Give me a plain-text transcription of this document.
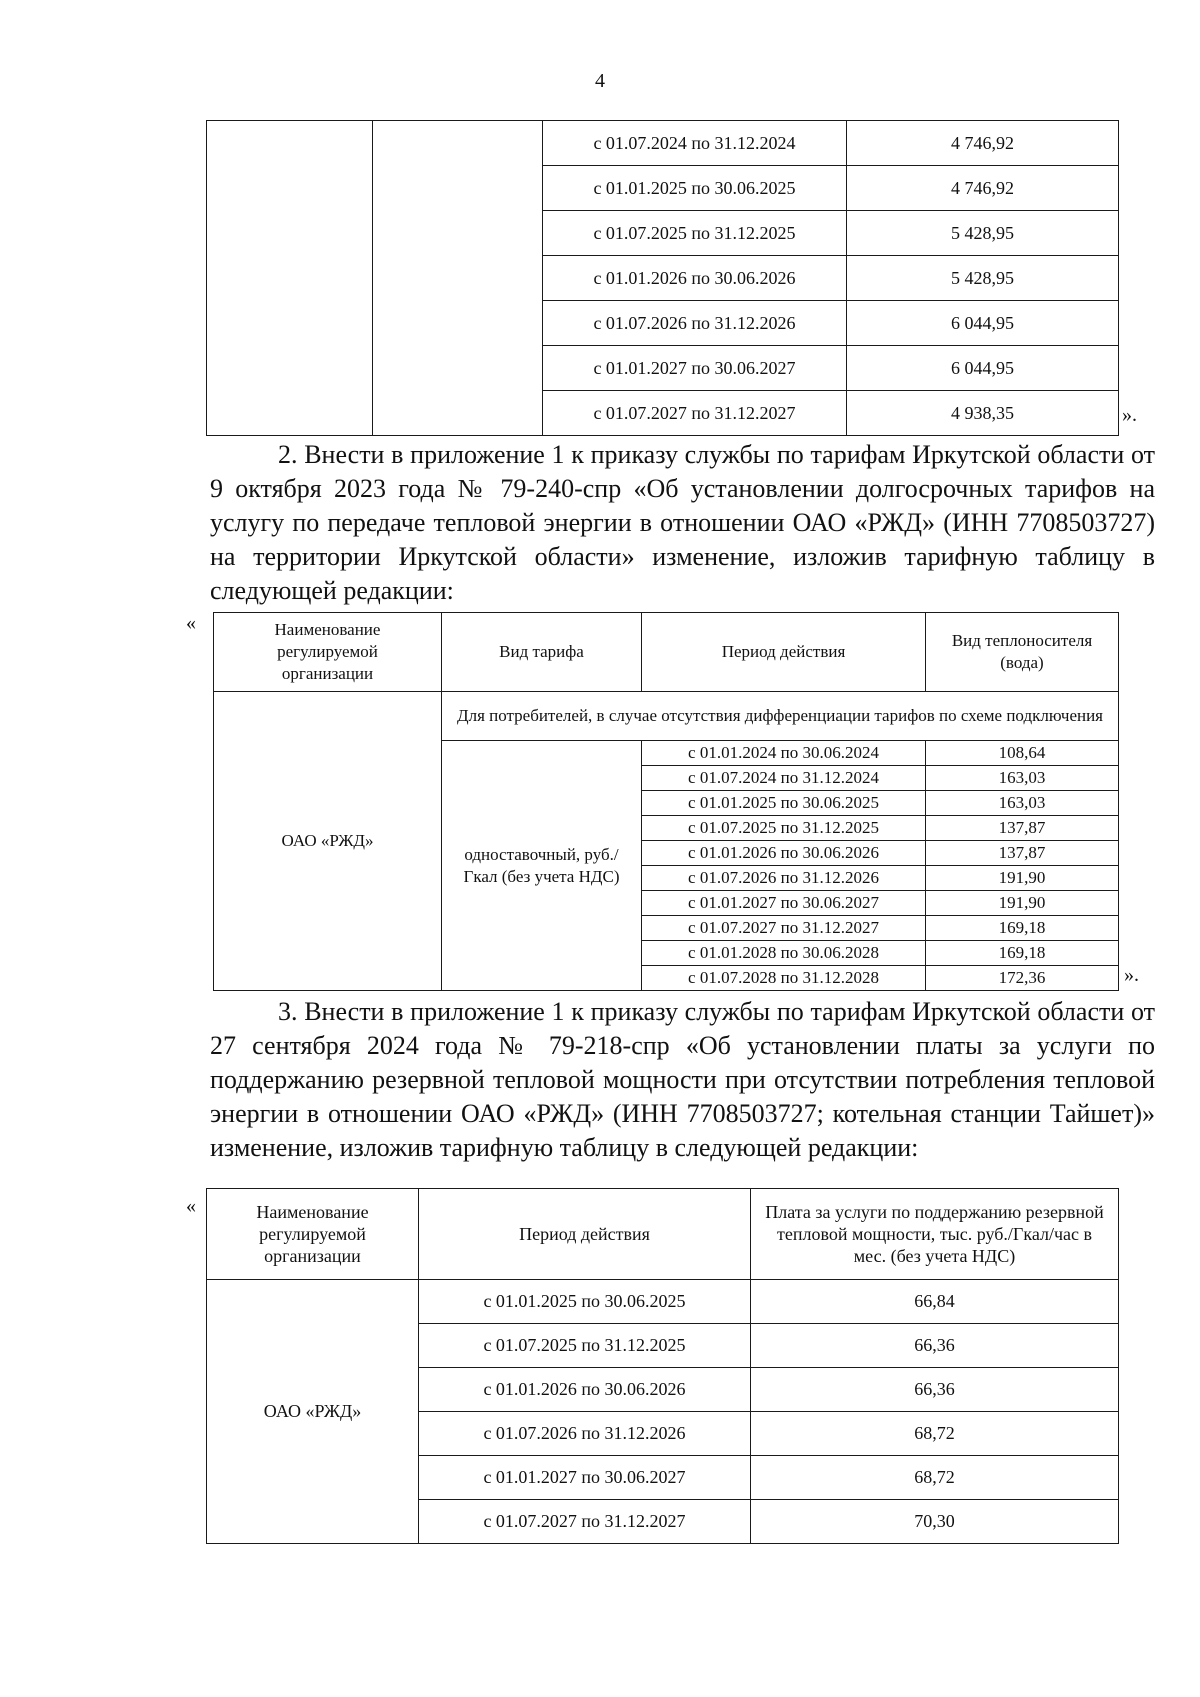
4
		с 01.07.2024 по 31.12.2024	4 746,92
		с 01.01.2025 по 30.06.2025	4 746,92
		с 01.07.2025 по 31.12.2025	5 428,95
		с 01.01.2026 по 30.06.2026	5 428,95
		с 01.07.2026 по 31.12.2026	6 044,95
		с 01.01.2027 по 30.06.2027	6 044,95
		с 01.07.2027 по 31.12.2027	4 938,35	».
2. Внести в приложение 1 к приказу службы по тарифам Иркутской области от 9 октября 2023 года № 79-240-спр «Об установлении долгосрочных тарифов на услугу по передаче тепловой энергии в отношении ОАО «РЖД» (ИНН 7708503727) на территории Иркутской области» изменение, изложив тарифную таблицу в следующей редакции:
«	Наименование регулируемой организации	Вид тарифа	Период действия	Вид теплоносителя (вода)
ОАО «РЖД»	Для потребителей, в случае отсутствия дифференциации тарифов по схеме подключения		
	одноставочный, руб./Гкал (без учета НДС)	с 01.01.2024 по 30.06.2024	108,64
		с 01.07.2024 по 31.12.2024	163,03
		с 01.01.2025 по 30.06.2025	163,03
		с 01.07.2025 по 31.12.2025	137,87
		с 01.01.2026 по 30.06.2026	137,87
		с 01.07.2026 по 31.12.2026	191,90
		с 01.01.2027 по 30.06.2027	191,90
		с 01.07.2027 по 31.12.2027	169,18
		с 01.01.2028 по 30.06.2028	169,18
		с 01.07.2028 по 31.12.2028	172,36	».
3. Внести в приложение 1 к приказу службы по тарифам Иркутской области от 27 сентября 2024 года № 79-218-спр «Об установлении платы за услуги по поддержанию резервной тепловой мощности при отсутствии потребления тепловой энергии в отношении ОАО «РЖД» (ИНН 7708503727; котельная станции Тайшет)» изменение, изложив тарифную таблицу в следующей редакции:
«	Наименование регулируемой организации	Период действия	Плата за услуги по поддержанию резервной тепловой мощности, тыс. руб./Гкал/час в мес. (без учета НДС)
ОАО «РЖД»	с 01.01.2025 по 30.06.2025	66,84
	с 01.07.2025 по 31.12.2025	66,36
	с 01.01.2026 по 30.06.2026	66,36
	с 01.07.2026 по 31.12.2026	68,72
	с 01.01.2027 по 30.06.2027	68,72
	с 01.07.2027 по 31.12.2027	70,30
